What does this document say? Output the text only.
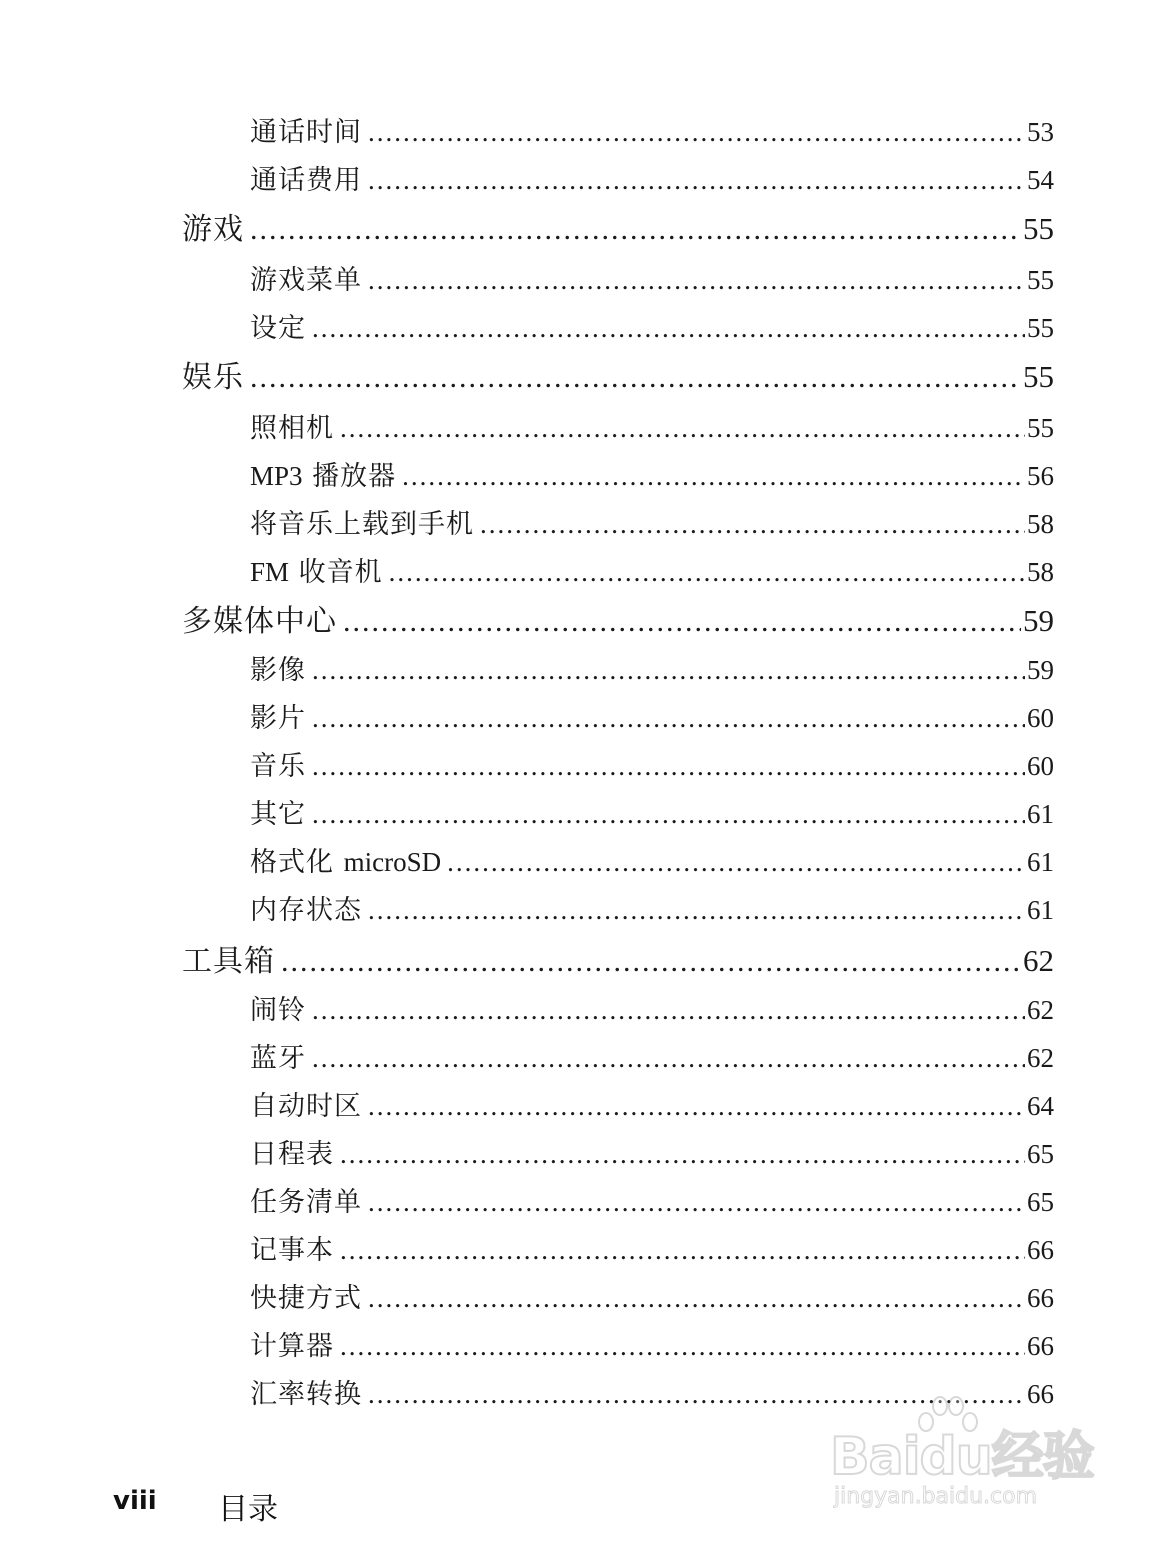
通话时间 .....	53
通话费用 .....	54
游戏 .....	55
游戏菜单 .....	55
设定 .....	55
娱乐 .....	55
照相机 .....	55
MP3 播放器 .....	56
将音乐上载到手机 .....	58
FM 收音机 .....	58
多媒体中心 .....	59
影像 .....	59
影片 .....	60
音乐 .....	60
其它 .....	61
格式化 microSD .....	61
内存状态 .....	61
工具箱 .....	62
闹铃 .....	62
蓝牙 .....	62
自动时区 .....	64
日程表 .....	65
任务清单 .....	65
记事本 .....	66
快捷方式 .....	66
计算器 .....	66
汇率转换 .....	66
viii 目录
Baidu经验
jingyan.baidu.com
